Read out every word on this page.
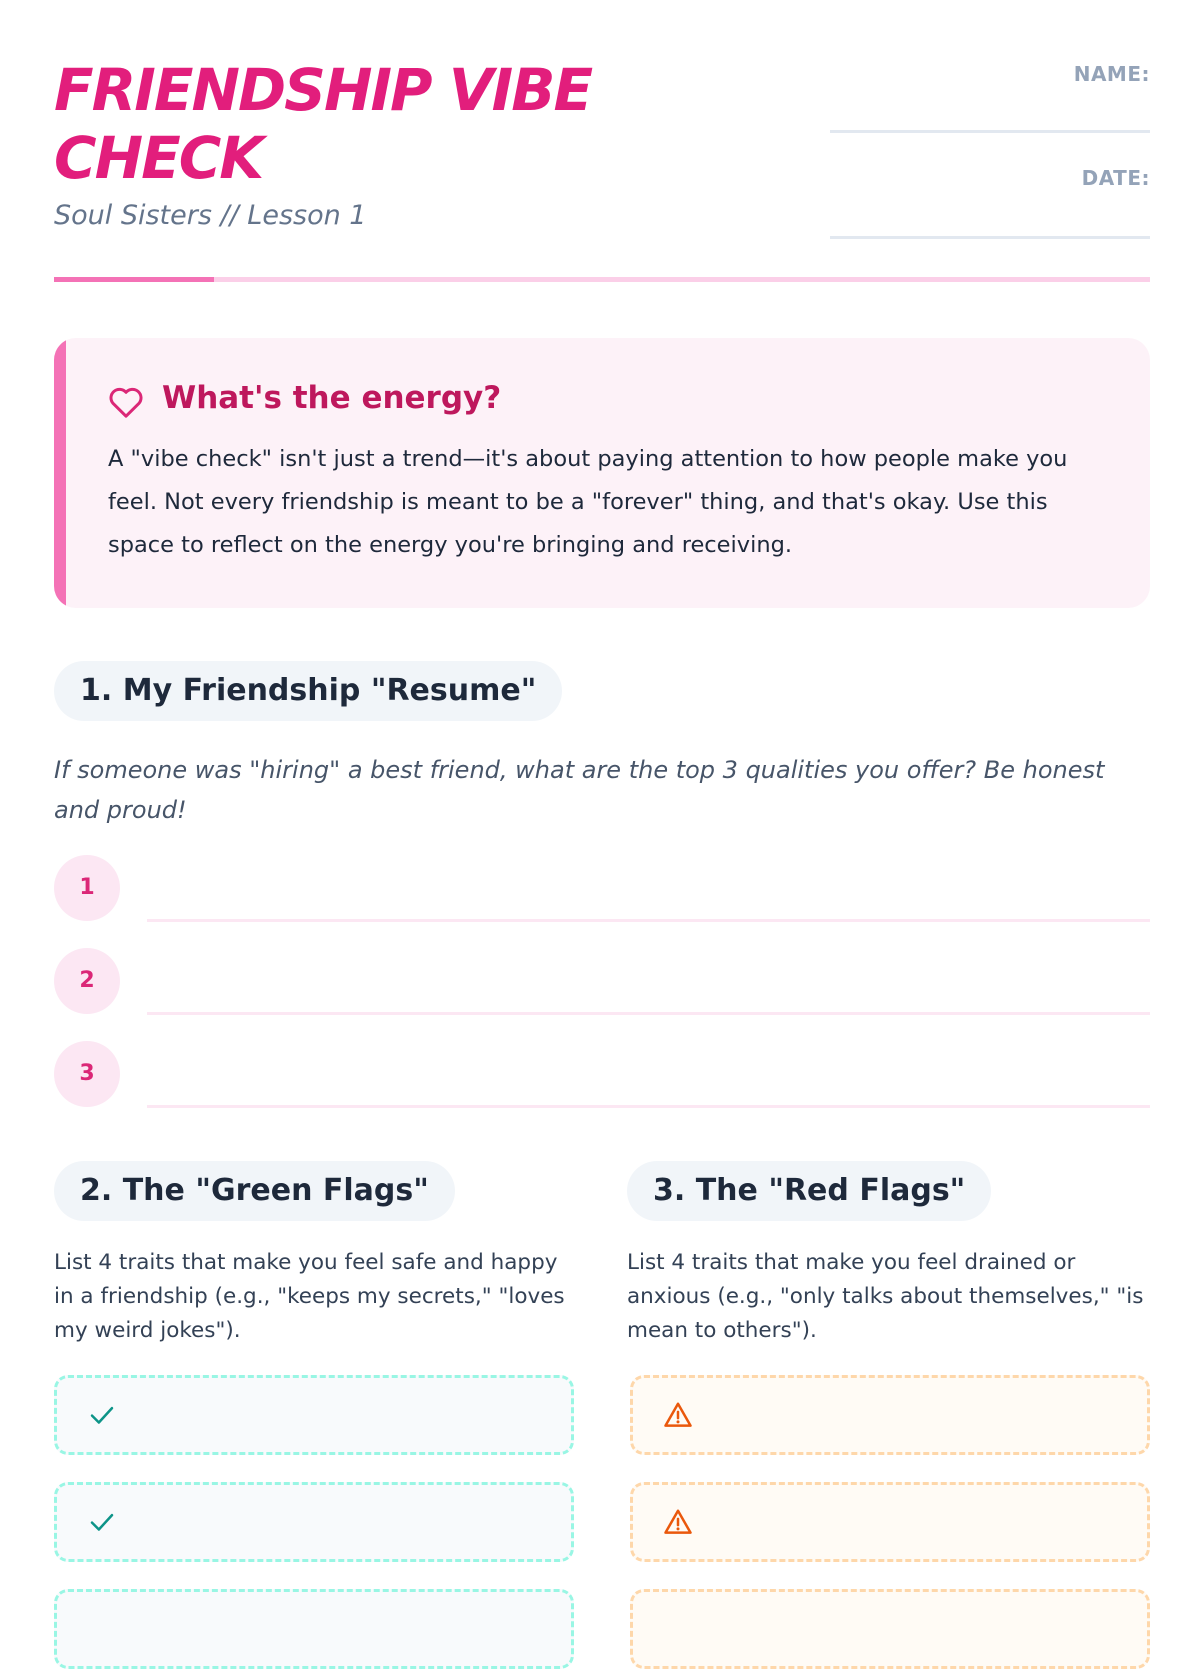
FRIENDSHIP VIBE CHECK
Soul Sisters // Lesson 1
NAME:
DATE:
What's the energy?

A "vibe check" isn't just a trend—it's about paying attention to how people make you feel. Not every friendship is meant to be a "forever" thing, and that's okay. Use this space to reflect on the energy you're bringing and receiving.

1. My Friendship "Resume"

If someone was "hiring" a best friend, what are the top 3 qualities you offer? Be honest and proud!

1
2
3
2. The "Green Flags"

List 4 traits that make you feel safe and happy in a friendship (e.g., "keeps my secrets," "loves my weird jokes").

3. The "Red Flags"

List 4 traits that make you feel drained or anxious (e.g., "only talks about themselves," "is mean to others").
